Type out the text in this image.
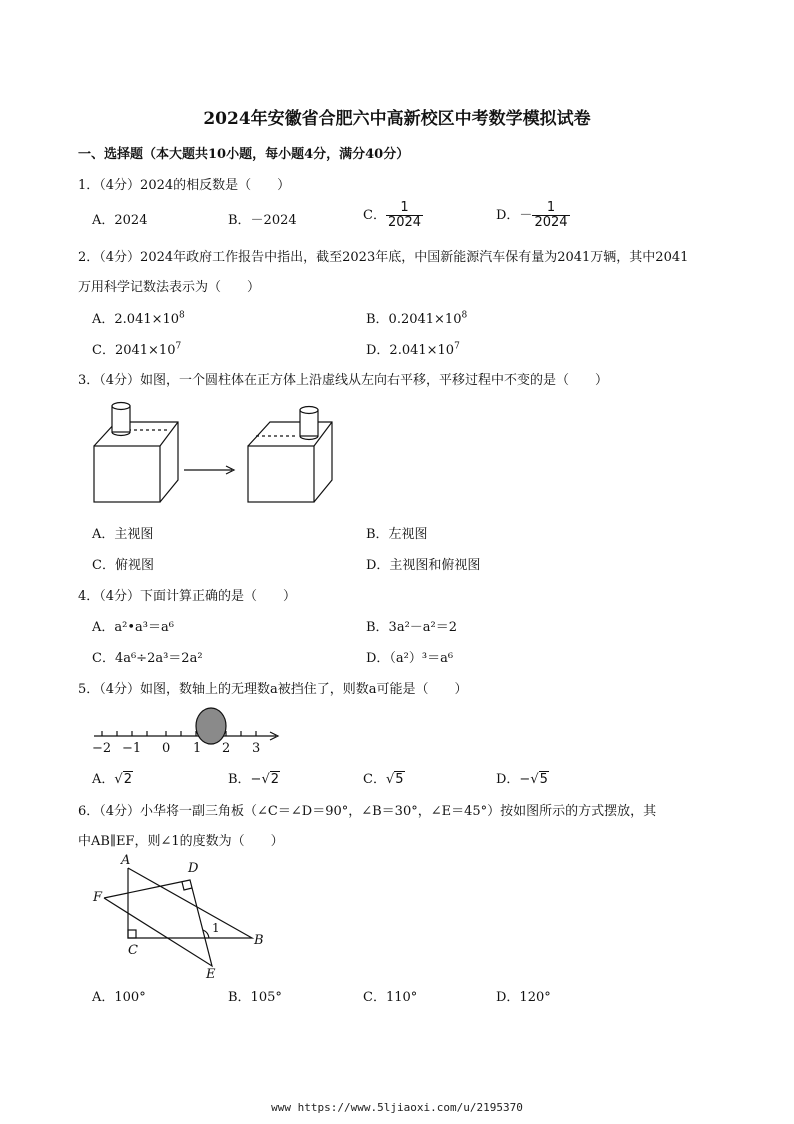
2024年安徽省合肥六中高新校区中考数学模拟试卷
一、选择题（本大题共10小题，每小题4分，满分40分）
1．（4分）2024的相反数是（　　）
A．2024	B．－2024	C． $\frac{1}{2024}$	D．－ $\frac{1}{2024}$
2．（4分）2024年政府工作报告中指出，截至2023年底，中国新能源汽车保有量为2041万辆，其中2041
万用科学记数法表示为（　　）
A．$2.041\times 10^8$	B．$0.2041\times 10^8$
C．$2041\times 10^7$	D．$2.041\times 10^7$
3．（4分）如图，一个圆柱体在正方体上沿虚线从左向右平移，平移过程中不变的是（　　）
A．主视图	B．左视图
C．俯视图	D．主视图和俯视图
4．（4分）下面计算正确的是（　　）
A．a²•a³＝a⁶	B．3a²－a²＝2
C．4a⁶÷2a³＝2a²	D．（a²）³＝a⁶
5．（4分）如图，数轴上的无理数a被挡住了，则数a可能是（　　）
−2 −1 0 1 2 3
A．√2	B．−√2	C．√5	D．−√5
6．（4分）小华将一副三角板（∠C＝∠D＝90°，∠B＝30°，∠E＝45°）按如图所示的方式摆放，其
中AB∥EF，则∠1的度数为（　　）
A
D
F
C
B
E
1
A．100°	B．105°	C．110°	D．120°
www https://www.5ljiaoxi.com/u/2195370
